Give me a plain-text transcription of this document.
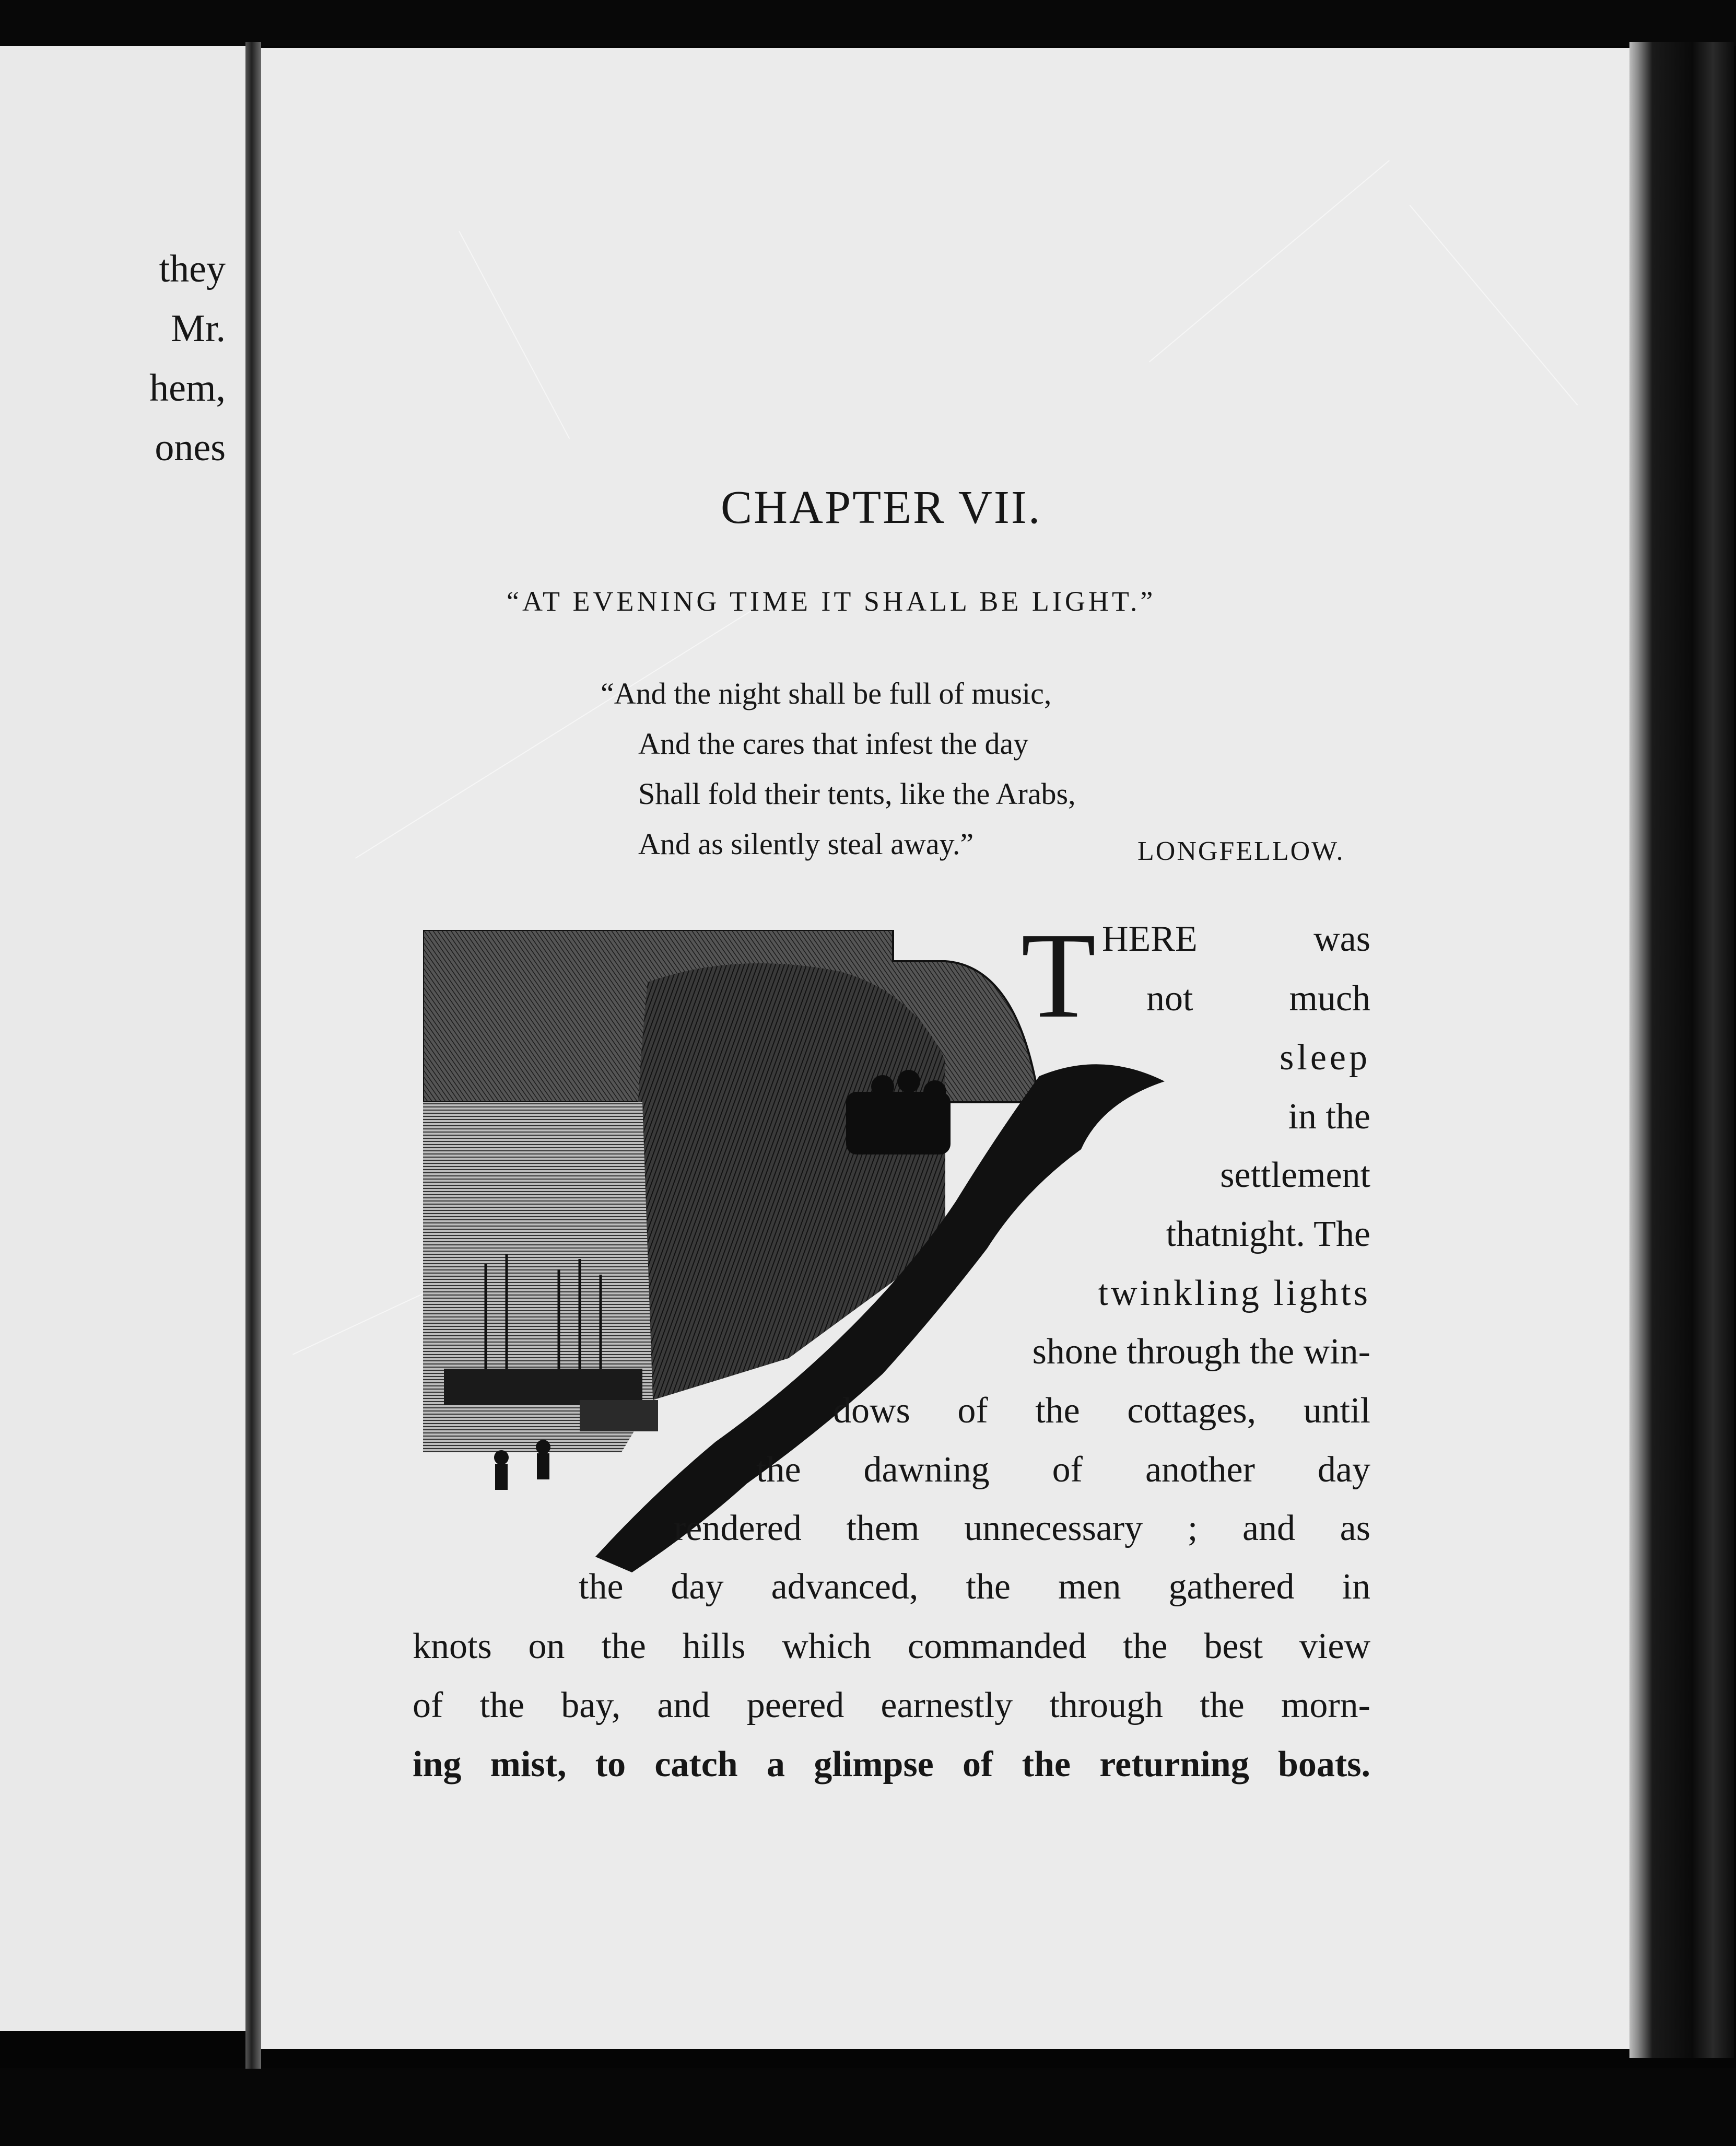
they
Mr.
hem,
ones
CHAPTER VII.
“AT EVENING TIME IT SHALL BE LIGHT.”
“And the night shall be full of music,
And the cares that infest the day
Shall fold their tents, like the Arabs,
And as silently steal away.”	LONGFELLOW.
T HERE was
not much
sleep
in the
settlement
thatnight. The
twinkling lights
shone through the win-
dows of the cottages, until
the dawning of another day
rendered them unnecessary ; and as
the day advanced, the men gathered in
knots on the hills which commanded the best view
of the bay, and peered earnestly through the morn-
ing mist, to catch a glimpse of the returning boats.
